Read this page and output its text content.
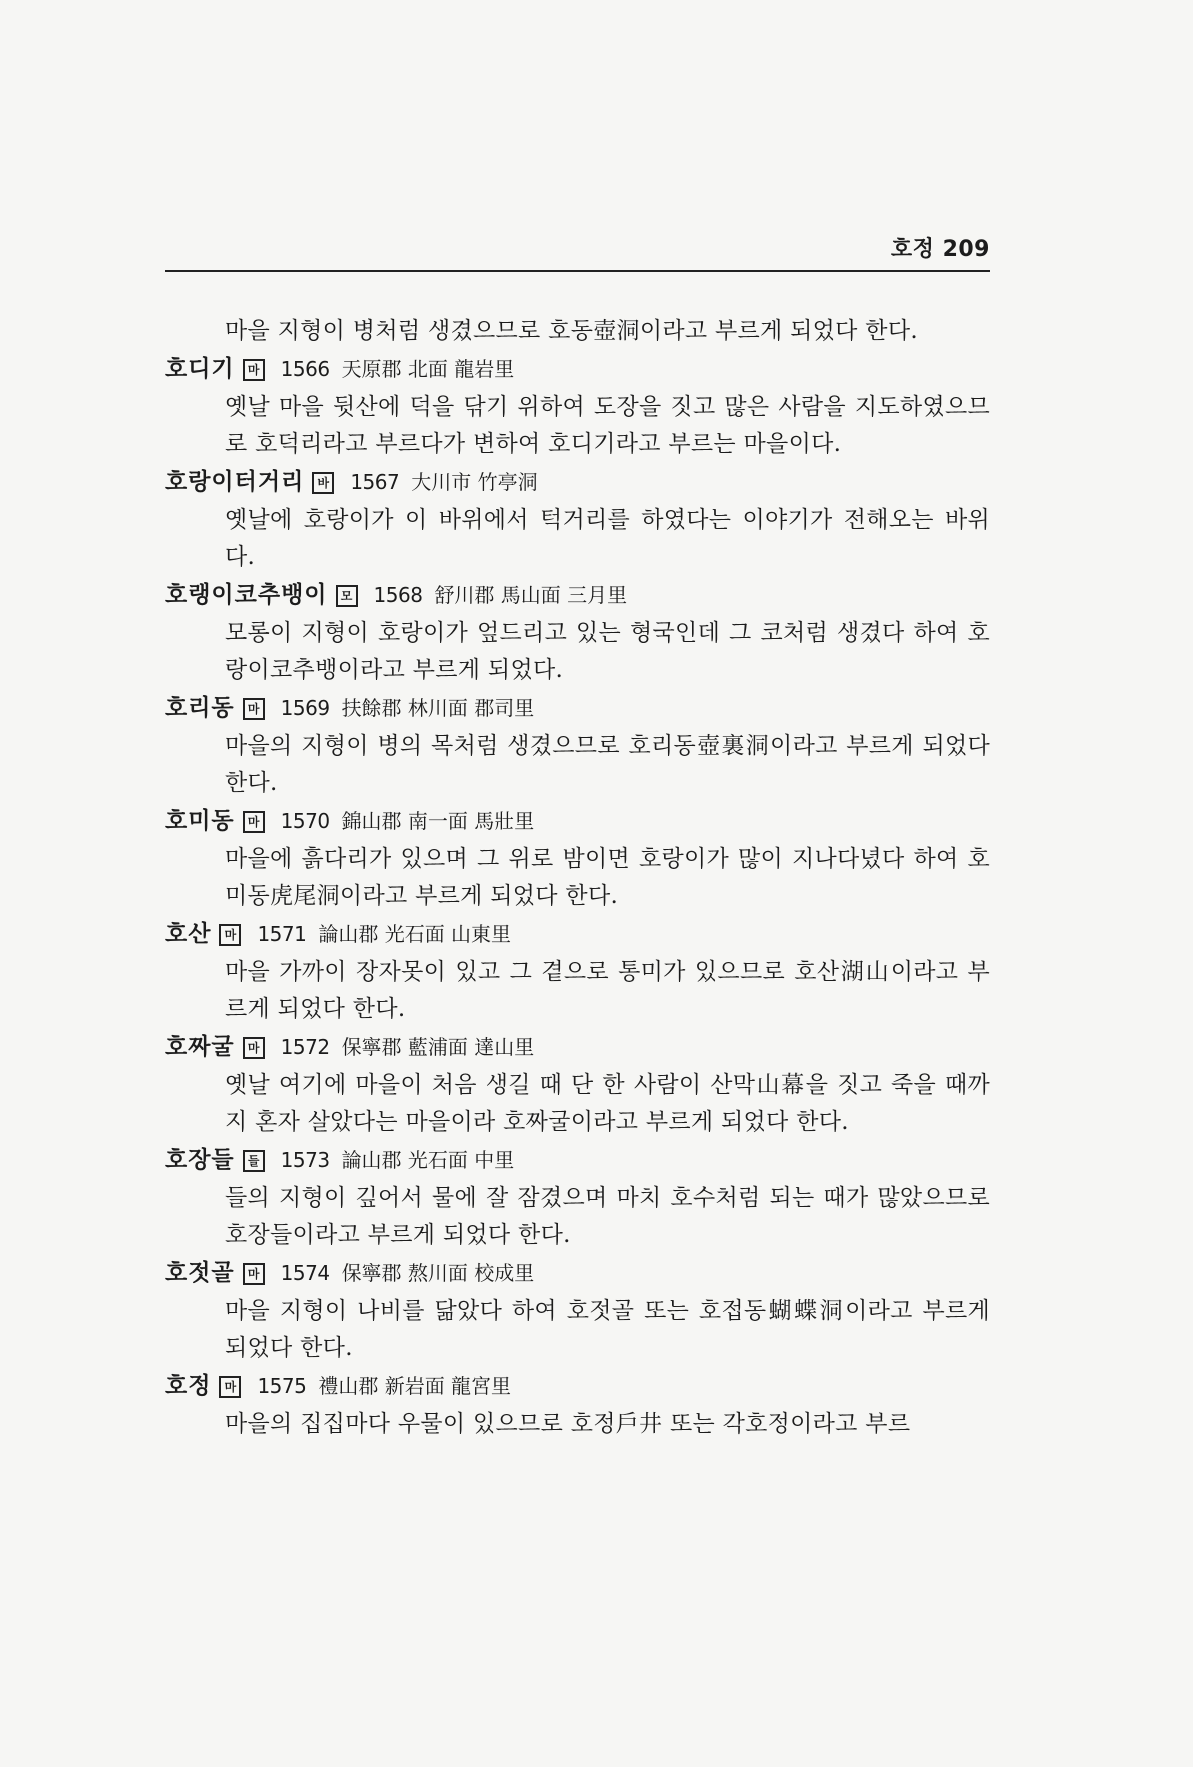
호정 209
마을 지형이 병처럼 생겼으므로 호동壺洞이라고 부르게 되었다 한다.
호디기	마 1566 天原郡 北面 龍岩里
옛날 마을 뒷산에 덕을 닦기 위하여 도장을 짓고 많은 사람을 지도하였으므로 호덕리라고 부르다가 변하여 호디기라고 부르는 마을이다.
호랑이터거리	바 1567 大川市 竹亭洞
옛날에 호랑이가 이 바위에서 턱거리를 하였다는 이야기가 전해오는 바위다.
호랭이코추뱅이	모 1568 舒川郡 馬山面 三月里
모롱이 지형이 호랑이가 엎드리고 있는 형국인데 그 코처럼 생겼다 하여 호랑이코추뱅이라고 부르게 되었다.
호리동	마 1569 扶餘郡 林川面 郡司里
마을의 지형이 병의 목처럼 생겼으므로 호리동壺裏洞이라고 부르게 되었다 한다.
호미동	마 1570 錦山郡 南一面 馬壯里
마을에 흙다리가 있으며 그 위로 밤이면 호랑이가 많이 지나다녔다 하여 호미동虎尾洞이라고 부르게 되었다 한다.
호산	마 1571 論山郡 光石面 山東里
마을 가까이 장자못이 있고 그 곁으로 통미가 있으므로 호산湖山이라고 부르게 되었다 한다.
호짜굴	마 1572 保寧郡 藍浦面 達山里
옛날 여기에 마을이 처음 생길 때 단 한 사람이 산막山幕을 짓고 죽을 때까지 혼자 살았다는 마을이라 호짜굴이라고 부르게 되었다 한다.
호장들	들 1573 論山郡 光石面 中里
들의 지형이 깊어서 물에 잘 잠겼으며 마치 호수처럼 되는 때가 많았으므로 호장들이라고 부르게 되었다 한다.
호젓골	마 1574 保寧郡 熬川面 校成里
마을 지형이 나비를 닮았다 하여 호젓골 또는 호접동蝴蝶洞이라고 부르게 되었다 한다.
호정	마 1575 禮山郡 新岩面 龍宮里
마을의 집집마다 우물이 있으므로 호정戶井 또는 각호정이라고 부르
